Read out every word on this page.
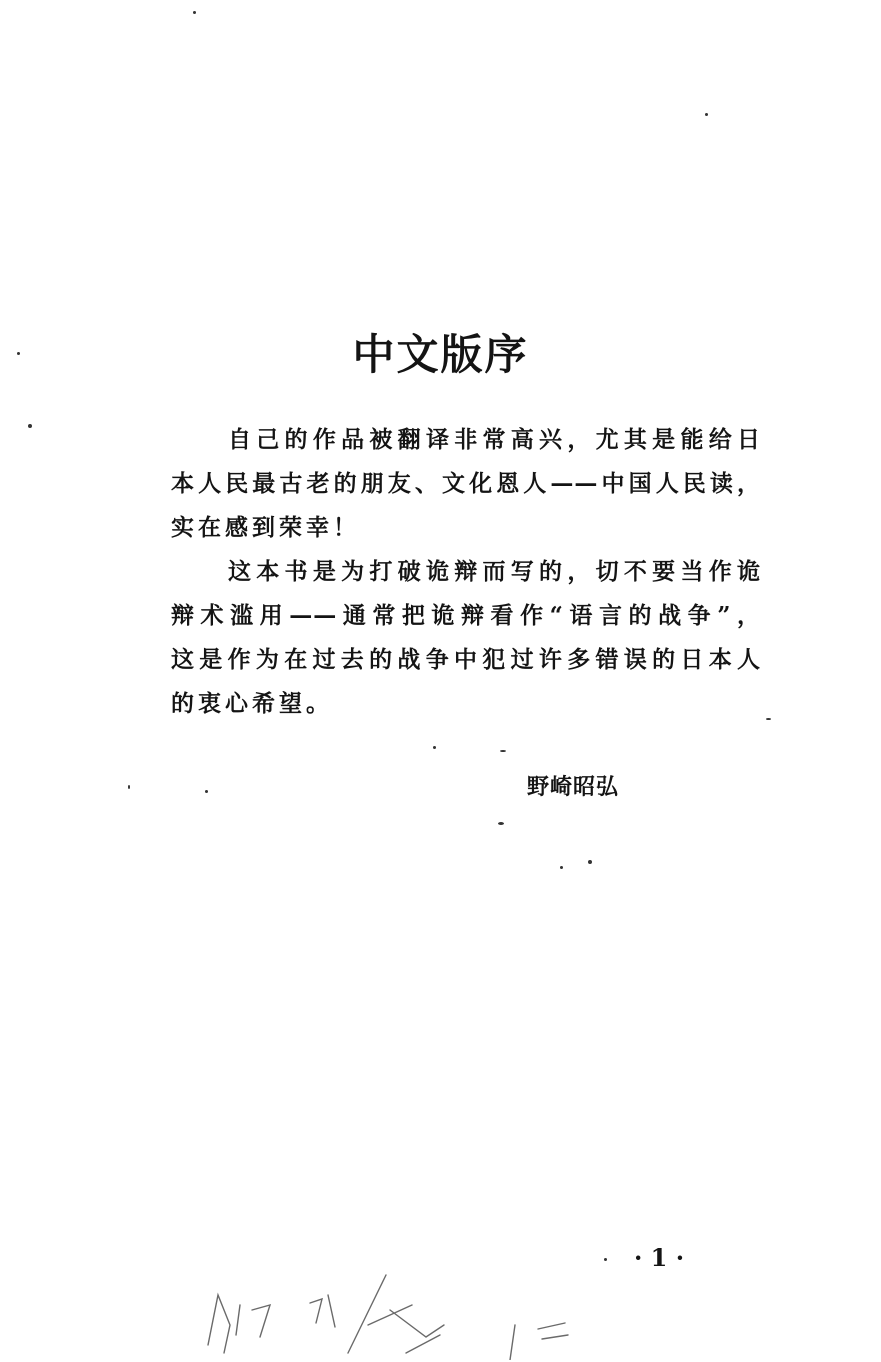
中文版序
自己的作品被翻译非常高兴，尤其是能给日
本人民最古老的朋友、文化恩人——中国人民读，
实在感到荣幸！
这本书是为打破诡辩而写的，切不要当作诡
辩术滥用——通常把诡辩看作“语言的战争”，
这是作为在过去的战争中犯过许多错误的日本人
的衷心希望。
野崎昭弘
· 1 ·
